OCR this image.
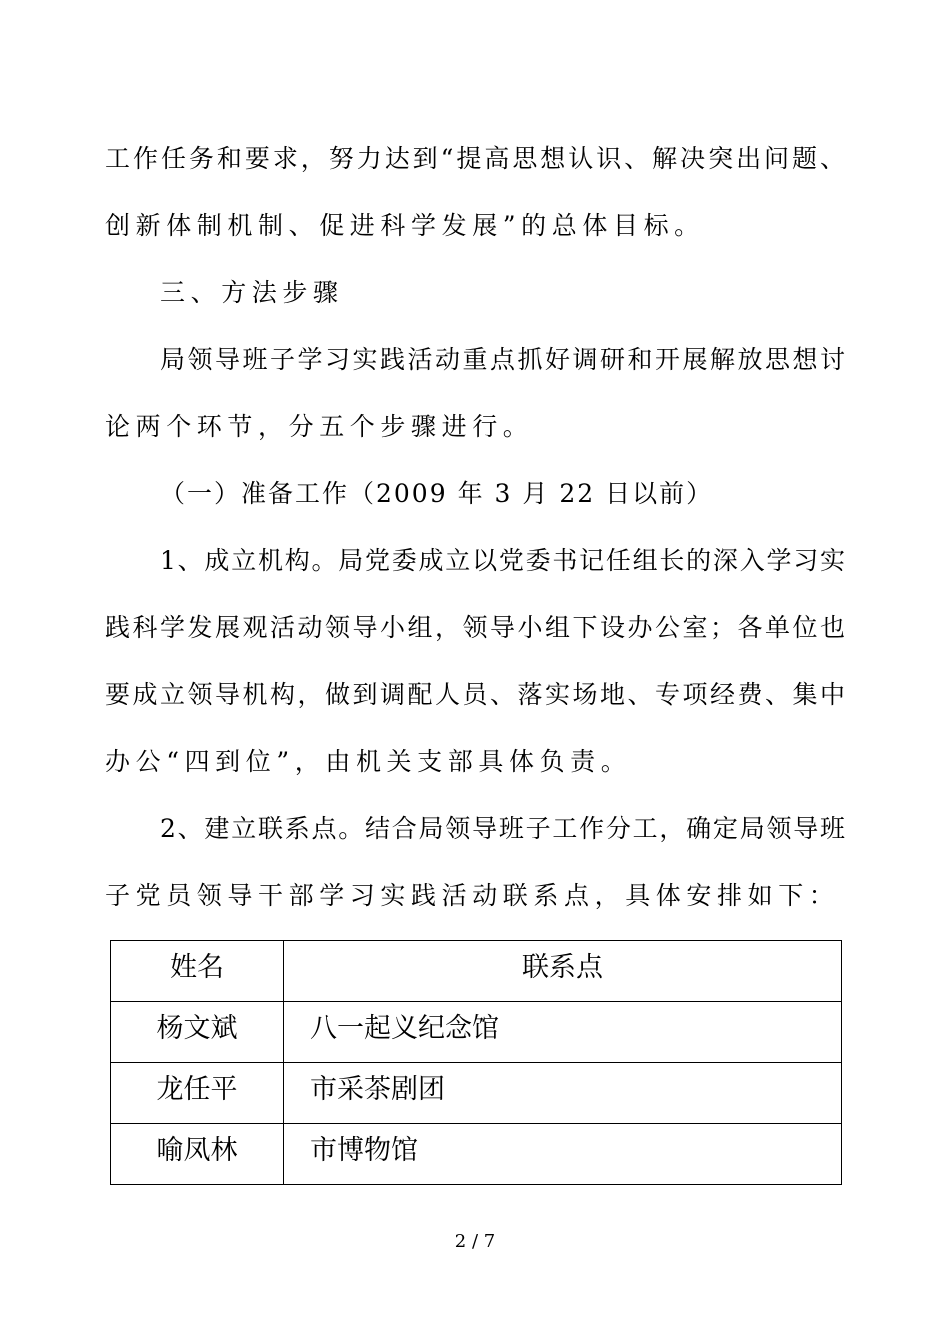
工作任务和要求，努力达到“提高思想认识、解决突出问题、
创新体制机制、促进科学发展”的总体目标。
三、方法步骤
局领导班子学习实践活动重点抓好调研和开展解放思想讨
论两个环节，分五个步骤进行。
（一）准备工作（2009 年 3 月 22 日以前）
1、成立机构。局党委成立以党委书记任组长的深入学习实
践科学发展观活动领导小组，领导小组下设办公室；各单位也
要成立领导机构，做到调配人员、落实场地、专项经费、集中
办公“四到位”，由机关支部具体负责。
2、建立联系点。结合局领导班子工作分工，确定局领导班
子党员领导干部学习实践活动联系点，具体安排如下：
姓名	联系点
杨文斌	八一起义纪念馆
龙任平	市采茶剧团
喻凤林	市博物馆
2 / 7
